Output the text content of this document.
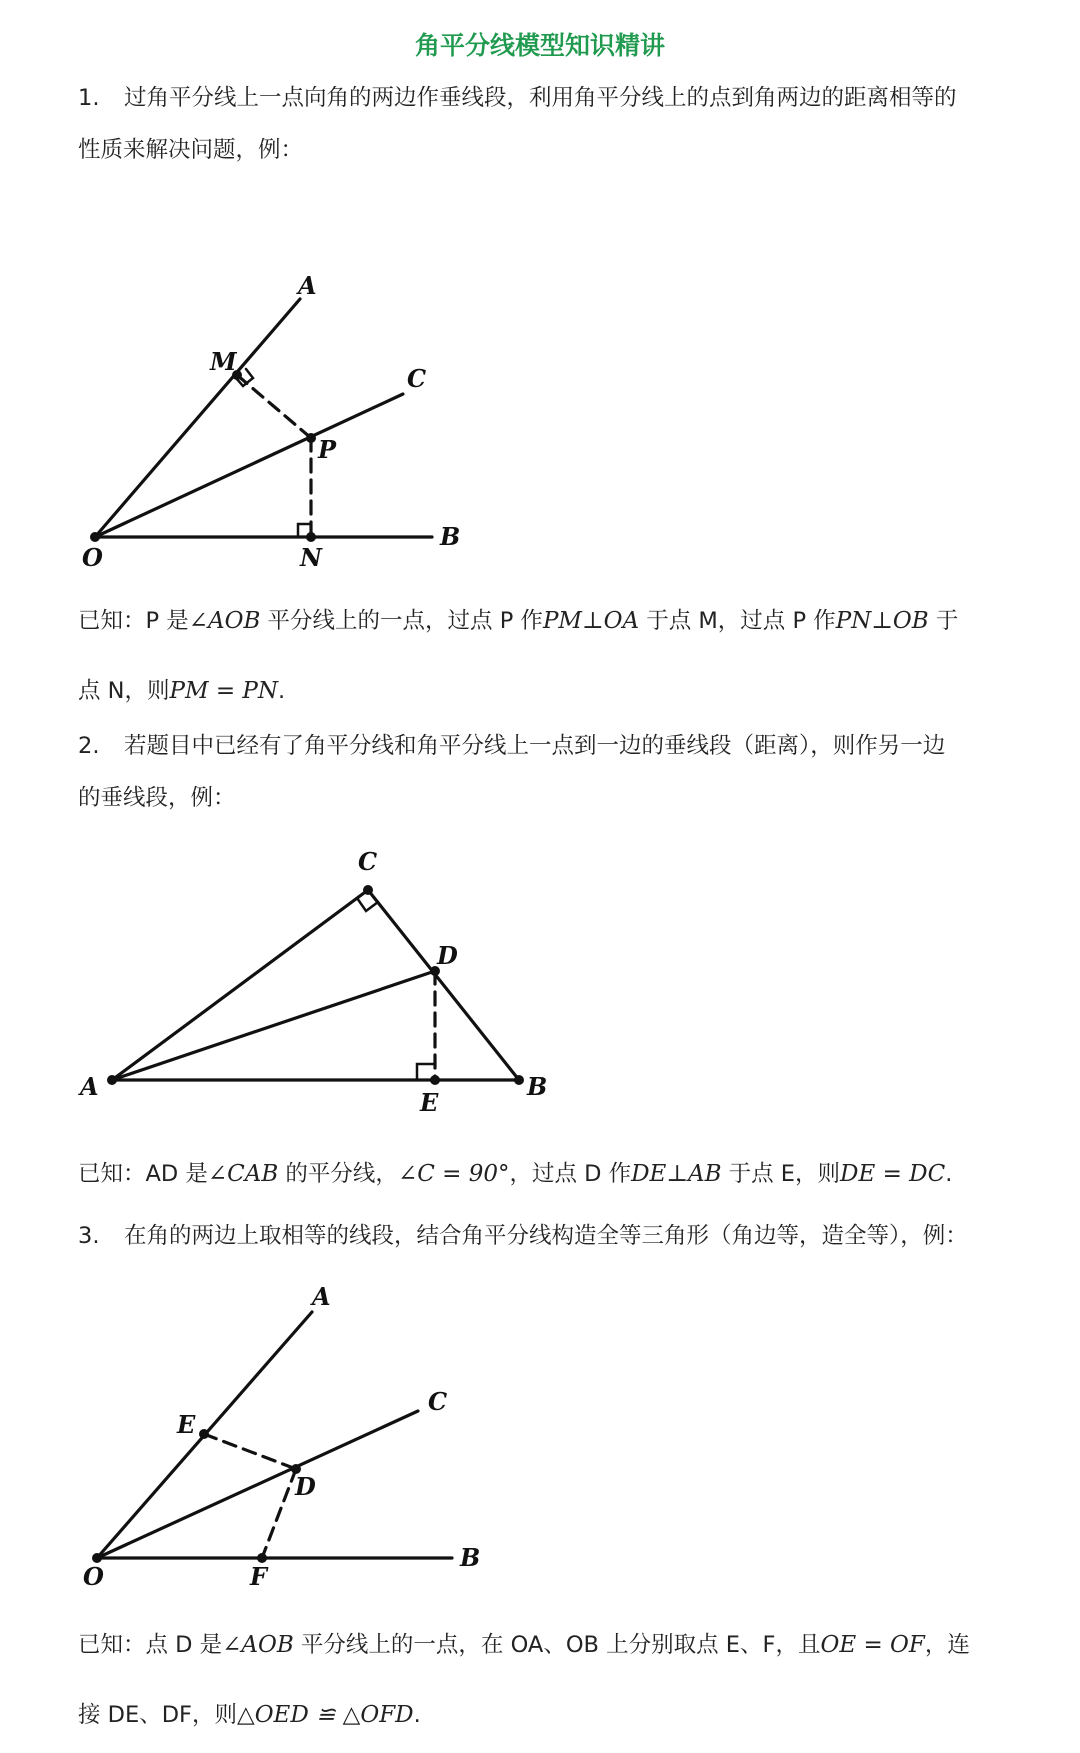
角平分线模型知识精讲
1. 过角平分线上一点向角的两边作垂线段，利用角平分线上的点到角两边的距离相等的
性质来解决问题，例：
A
M
C
P
O	N
B
已知：P 是∠AOB 平分线上的一点，过点 P 作PM⊥OA 于点 M，过点 P 作PN⊥OB 于
点 N，则PM = PN.
2. 若题目中已经有了角平分线和角平分线上一点到一边的垂线段（距离），则作另一边
的垂线段，例：
C
D
A
E
B
已知：AD 是∠CAB 的平分线，∠C = 90°，过点 D 作DE⊥AB 于点 E，则DE = DC.
3. 在角的两边上取相等的线段，结合角平分线构造全等三角形（角边等，造全等），例：
A
C
E
D
O	F
B
已知：点 D 是∠AOB 平分线上的一点，在 OA、OB 上分别取点 E、F，且OE = OF，连
接 DE、DF，则△OED ≌ △OFD.
